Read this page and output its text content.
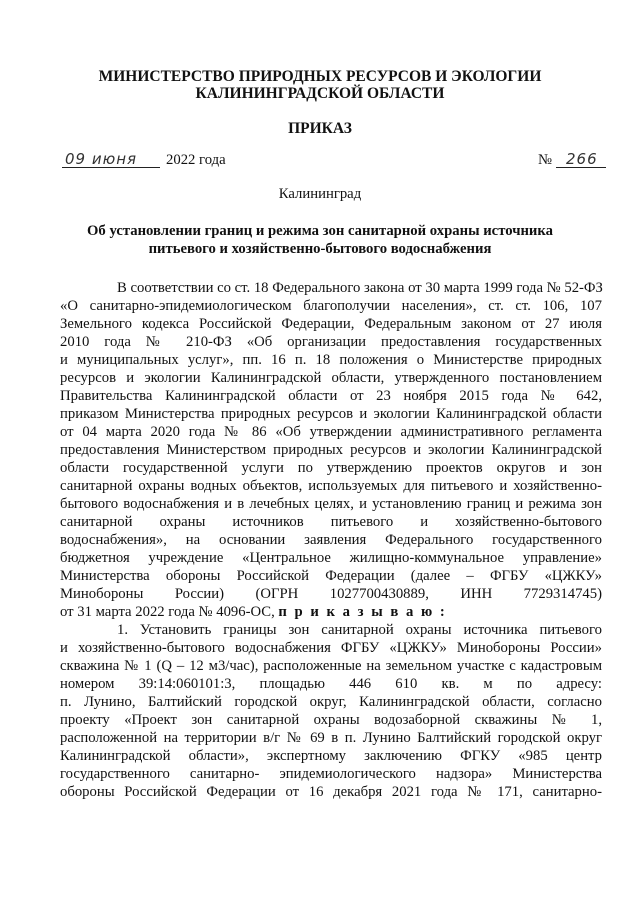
МИНИСТЕРСТВО ПРИРОДНЫХ РЕСУРСОВ И ЭКОЛОГИИ
КАЛИНИНГРАДСКОЙ ОБЛАСТИ
ПРИКАЗ
09 июня 2022 года	№ 266
Калининград
Об установлении границ и режима зон санитарной охраны источника
питьевого и хозяйственно-бытового водоснабжения
В соответствии со ст. 18 Федерального закона от 30 марта 1999 года № 52-ФЗ
«О санитарно-эпидемиологическом благополучии населения», ст. ст. 106, 107
Земельного кодекса Российской Федерации, Федеральным законом от 27 июля
2010 года № 210-ФЗ «Об организации предоставления государственных
и муниципальных услуг», пп. 16 п. 18 положения о Министерстве природных
ресурсов и экологии Калининградской области, утвержденного постановлением
Правительства Калининградской области от 23 ноября 2015 года № 642,
приказом Министерства природных ресурсов и экологии Калининградской области
от 04 марта 2020 года № 86 «Об утверждении административного регламента
предоставления Министерством природных ресурсов и экологии Калининградской
области государственной услуги по утверждению проектов округов и зон
санитарной охраны водных объектов, используемых для питьевого и хозяйственно-
бытового водоснабжения и в лечебных целях, и установлению границ и режима зон
санитарной охраны источников питьевого и хозяйственно-бытового
водоснабжения», на основании заявления Федерального государственного
бюджетноя учреждение «Центральное жилищно-коммунальное управление»
Министерства обороны Российской Федерации (далее – ФГБУ «ЦЖКУ»
Минобороны России) (ОГРН 1027700430889, ИНН 7729314745)
от 31 марта 2022 года № 4096-ОС, п р и к а з ы в а ю :
1. Установить границы зон санитарной охраны источника питьевого
и хозяйственно-бытового водоснабжения ФГБУ «ЦЖКУ» Минобороны России»
скважина № 1 (Q – 12 м3/час), расположенные на земельном участке с кадастровым
номером 39:14:060101:3, площадью 446 610 кв. м по адресу:
п. Лунино, Балтийский городской округ, Калининградской области, согласно
проекту «Проект зон санитарной охраны водозаборной скважины № 1,
расположенной на территории в/г № 69 в п. Лунино Балтийский городской округ
Калининградской области», экспертному заключению ФГКУ «985 центр
государственного санитарно- эпидемиологического надзора» Министерства
обороны Российской Федерации от 16 декабря 2021 года № 171, санитарно-
